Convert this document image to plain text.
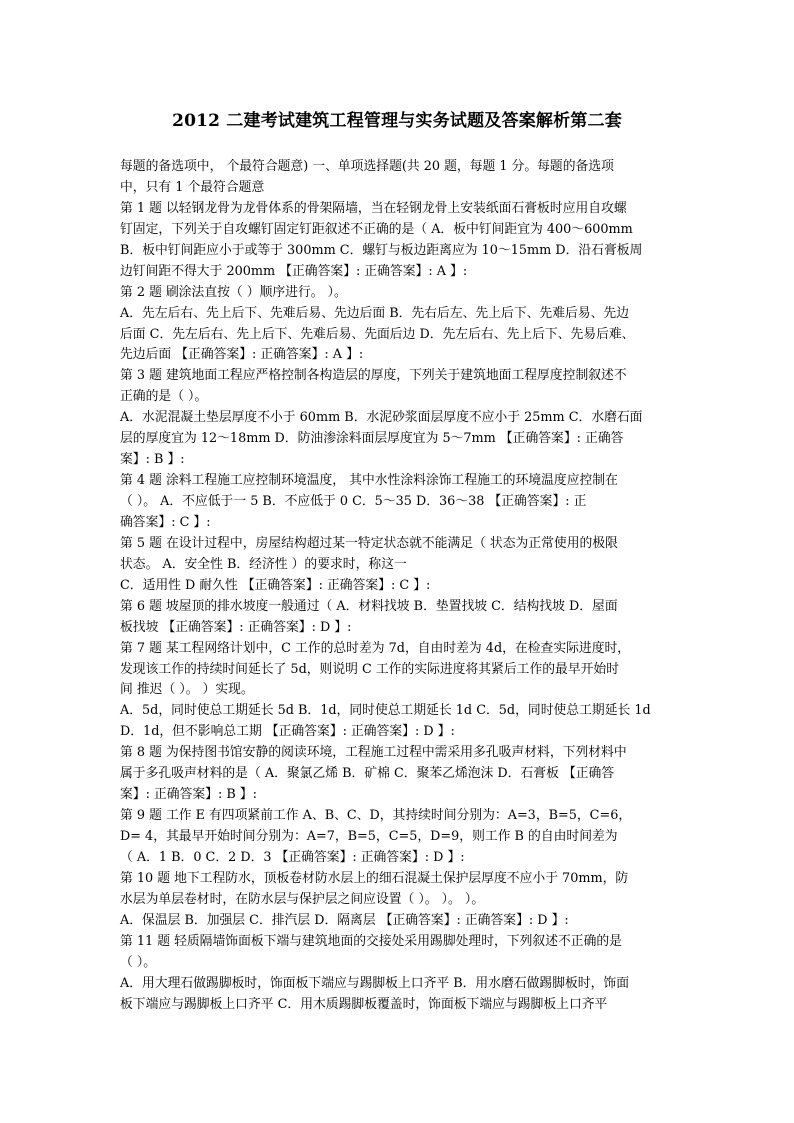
2012 二建考试建筑工程管理与实务试题及答案解析第二套
每题的备选项中， 个最符合题意) 一、单项选择题(共 20 题，每题 1 分。每题的备选项
中，只有 1 个最符合题意
第 1 题 以轻钢龙骨为龙骨体系的骨架隔墙，当在轻钢龙骨上安装纸面石膏板时应用自攻螺
钉固定，下列关于自攻螺钉固定钉距叙述不正确的是（ A．板中钉间距宜为 400～600mm
B．板中钉间距应小于或等于 300mm C．螺钉与板边距离应为 10～15mm D．沿石膏板周
边钉间距不得大于 200mm 【正确答案】: 正确答案】: A 】:
第 2 题 刷涂法直按（ ）顺序进行。 ）。
A．先左后右、先上后下、先难后易、先边后面 B．先右后左、先上后下、先难后易、先边
后面 C．先左后右、先上后下、先难后易、先面后边 D．先左后右、先上后下、先易后难、
先边后面 【正确答案】: 正确答案】: A 】:
第 3 题 建筑地面工程应严格控制各构造层的厚度，下列关于建筑地面工程厚度控制叙述不
正确的是（ ）。
A．水泥混凝土垫层厚度不小于 60mm B．水泥砂浆面层厚度不应小于 25mm C．水磨石面
层的厚度宜为 12～18mm D．防油渗涂料面层厚度宜为 5～7mm 【正确答案】: 正确答
案】: B 】:
第 4 题 涂料工程施工应控制环境温度， 其中水性涂料涂饰工程施工的环境温度应控制在
（ ）。 A．不应低于一 5 B．不应低于 0 C．5～35 D．36～38 【正确答案】: 正
确答案】: C 】:
第 5 题 在设计过程中，房屋结构超过某一特定状态就不能满足（ 状态为正常使用的极限
状态。 A．安全性 B．经济性 ）的要求时，称这一
C．适用性 D 耐久性 【正确答案】: 正确答案】: C 】:
第 6 题 坡屋顶的排水坡度一般通过（ A．材料找坡 B．垫置找坡 C．结构找坡 D．屋面
板找坡 【正确答案】: 正确答案】: D 】:
第 7 题 某工程网络计划中，C 工作的总时差为 7d，自由时差为 4d，在检查实际进度时，
发现该工作的持续时间延长了 5d，则说明 C 工作的实际进度将其紧后工作的最早开始时
间 推迟（ ）。 ）实现。
A．5d，同时使总工期延长 5d B．1d，同时使总工期延长 1d C．5d，同时使总工期延长 1d
D．1d，但不影响总工期 【正确答案】: 正确答案】: D 】:
第 8 题 为保持图书馆安静的阅读环境，工程施工过程中需采用多孔吸声材料，下列材料中
属于多孔吸声材料的是（ A．聚氯乙烯 B．矿棉 C．聚苯乙烯泡沫 D．石膏板 【正确答
案】: 正确答案】: B 】:
第 9 题 工作 E 有四项紧前工作 A、B、C、D，其持续时间分别为：A=3，B=5，C=6，
D= 4，其最早开始时间分别为：A=7，B=5，C=5，D=9，则工作 B 的自由时间差为
（ A．1 B．0 C．2 D．3 【正确答案】: 正确答案】: D 】:
第 10 题 地下工程防水，顶板卷材防水层上的细石混凝土保护层厚度不应小于 70mm，防
水层为单层卷材时，在防水层与保护层之间应设置（ ）。 ）。 ）。
A．保温层 B．加强层 C．排汽层 D．隔离层 【正确答案】: 正确答案】: D 】:
第 11 题 轻质隔墙饰面板下端与建筑地面的交接处采用踢脚处理时，下列叙述不正确的是
（ ）。
A．用大理石做踢脚板时，饰面板下端应与踢脚板上口齐平 B．用水磨石做踢脚板时，饰面
板下端应与踢脚板上口齐平 C．用木质踢脚板覆盖时，饰面板下端应与踢脚板上口齐平
